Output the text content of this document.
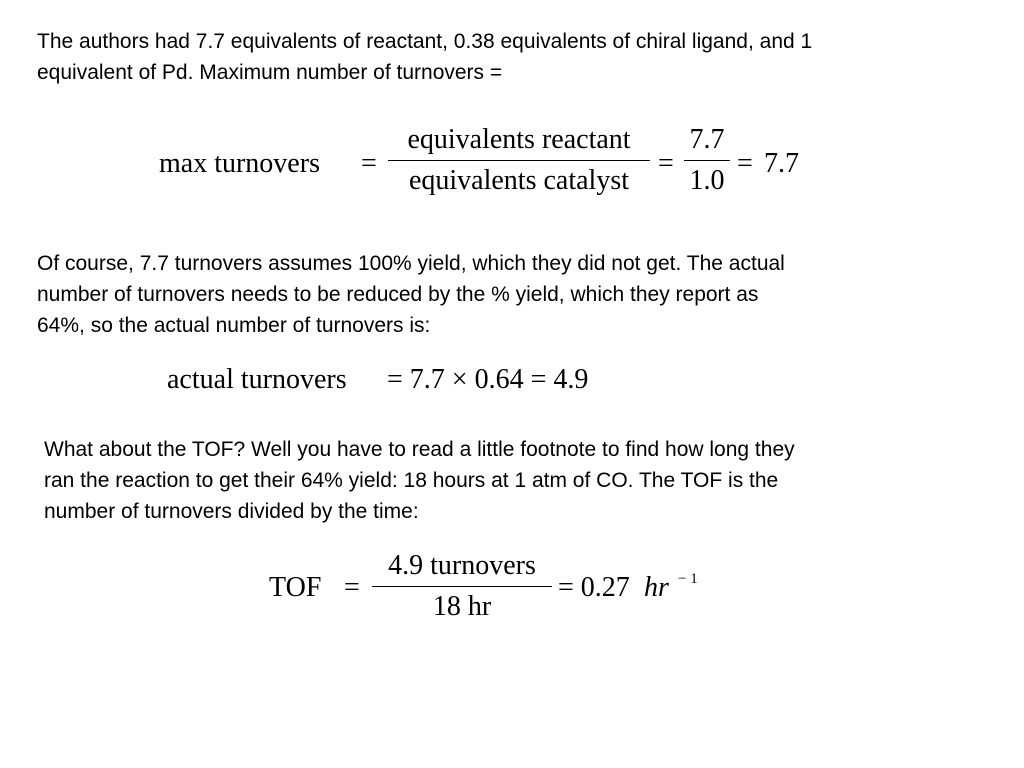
The authors had 7.7 equivalents of reactant, 0.38 equivalents of chiral ligand, and 1
equivalent of Pd. Maximum number of turnovers =
max turnovers =
equivalents reactant
equivalents catalyst
=
7.7
1.0
= 7.7
Of course, 7.7 turnovers assumes 100% yield, which they did not get. The actual
number of turnovers needs to be reduced by the % yield, which they report as
64%, so the actual number of turnovers is:
actual turnovers = 7.7 × 0.64 = 4.9
What about the TOF? Well you have to read a little footnote to find how long they
ran the reaction to get their 64% yield: 18 hours at 1 atm of CO. The TOF is the
number of turnovers divided by the time:
TOF =
4.9 turnovers
18 hr
= 0.27 hr − 1
